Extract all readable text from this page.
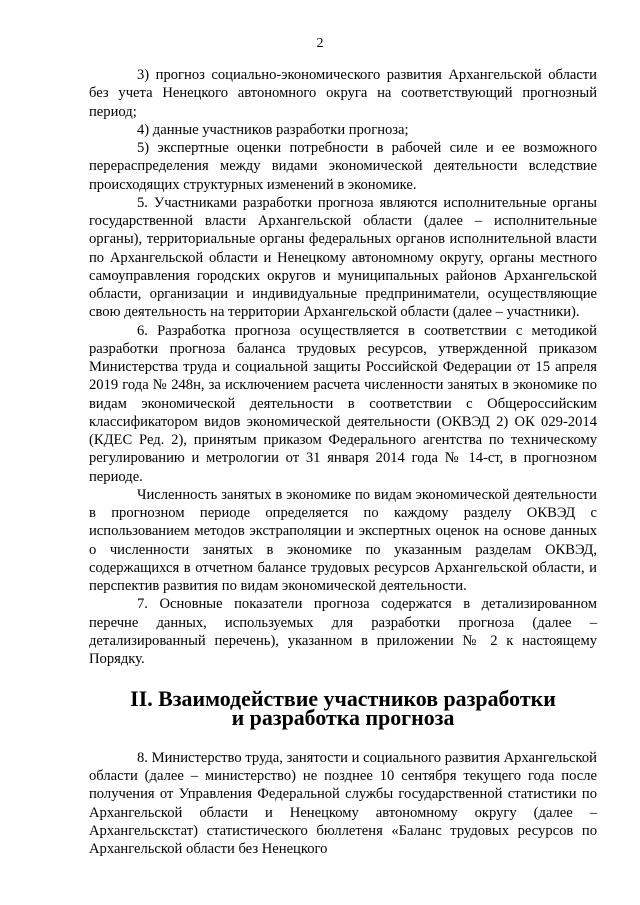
2

3) прогноз социально-экономического развития Архангельской области без учета Ненецкого автономного округа на соответствующий прогнозный период;

4) данные участников разработки прогноза;

5) экспертные оценки потребности в рабочей силе и ее возможного перераспределения между видами экономической деятельности вследствие происходящих структурных изменений в экономике.

5. Участниками разработки прогноза являются исполнительные органы государственной власти Архангельской области (далее – исполнительные органы), территориальные органы федеральных органов исполнительной власти по Архангельской области и Ненецкому автономному округу, органы местного самоуправления городских округов и муниципальных районов Архангельской области, организации и индивидуальные предприниматели, осуществляющие свою деятельность на территории Архангельской области (далее – участники).

6. Разработка прогноза осуществляется в соответствии с методикой разработки прогноза баланса трудовых ресурсов, утвержденной приказом Министерства труда и социальной защиты Российской Федерации от 15 апреля 2019 года № 248н, за исключением расчета численности занятых в экономике по видам экономической деятельности в соответствии с Общероссийским классификатором видов экономической деятельности (ОКВЭД 2) ОК 029-2014 (КДЕС Ред. 2), принятым приказом Федерального агентства по техническому регулированию и метрологии от 31 января 2014 года № 14-ст, в прогнозном периоде.

Численность занятых в экономике по видам экономической деятельности в прогнозном периоде определяется по каждому разделу ОКВЭД с использованием методов экстраполяции и экспертных оценок на основе данных о численности занятых в экономике по указанным разделам ОКВЭД, содержащихся в отчетном балансе трудовых ресурсов Архангельской области, и перспектив развития по видам экономической деятельности.

7. Основные показатели прогноза содержатся в детализированном перечне данных, используемых для разработки прогноза (далее – детализированный перечень), указанном в приложении № 2 к настоящему Порядку.

II. Взаимодействие участников разработки
и разработка прогноза

8. Министерство труда, занятости и социального развития Архангельской области (далее – министерство) не позднее 10 сентября текущего года после получения от Управления Федеральной службы государственной статистики по Архангельской области и Ненецкому автономному округу (далее – Архангельскстат) статистического бюллетеня «Баланс трудовых ресурсов по Архангельской области без Ненецкого
